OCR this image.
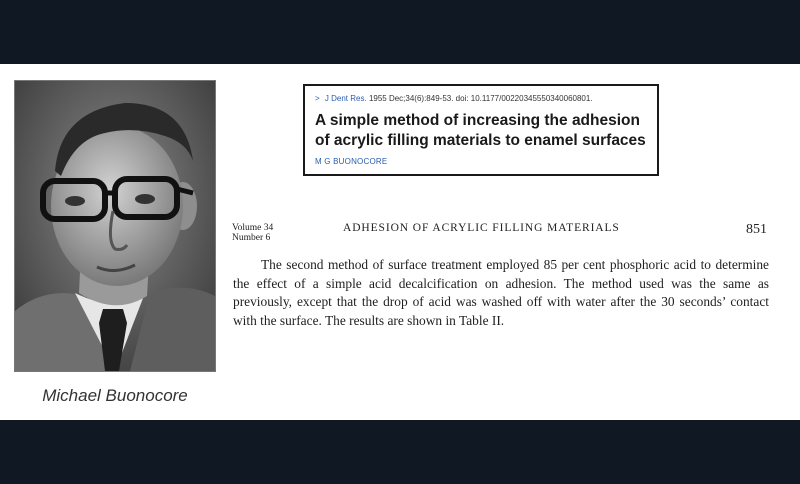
Michael Buonocore
> J Dent Res. 1955 Dec;34(6):849-53. doi: 10.1177/00220345550340060801.
A simple method of increasing the adhesion of acrylic filling materials to enamel surfaces
M G BUONOCORE
Volume 34
Number 6
ADHESION OF ACRYLIC FILLING MATERIALS	851

The second method of surface treatment employed 85 per cent phosphoric acid to determine the effect of a simple acid decalcification on adhesion. The method used was the same as previously, except that the drop of acid was washed off with water after the 30 seconds’ contact with the surface. The results are shown in Table II.
